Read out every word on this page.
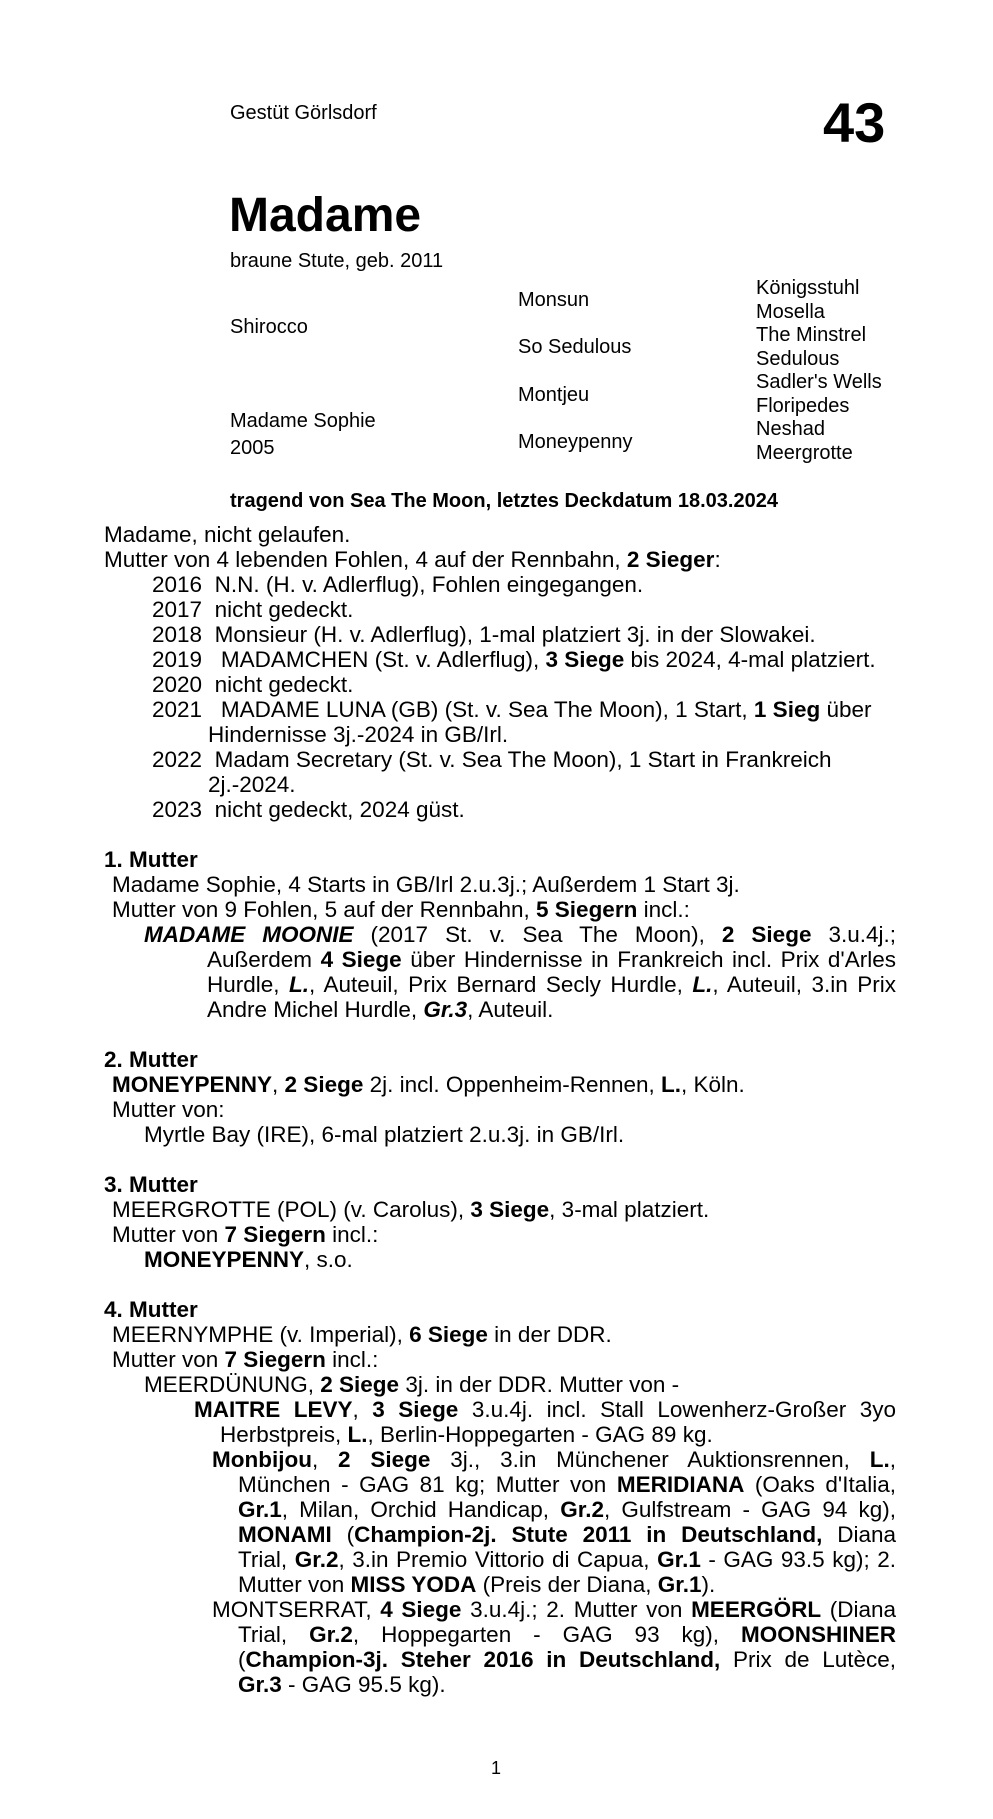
Gestüt Görlsdorf	43
Madame
braune Stute, geb. 2011
Shirocco
Madame Sophie
2005
Monsun
So Sedulous
Montjeu
Moneypenny
Königsstuhl
Mosella
The Minstrel
Sedulous
Sadler's Wells
Floripedes
Neshad
Meergrotte
tragend von Sea The Moon, letztes Deckdatum 18.03.2024

Madame, nicht gelaufen.

Mutter von 4 lebenden Fohlen, 4 auf der Rennbahn, 2 Sieger:

2016 N.N. (H. v. Adlerflug), Fohlen eingegangen.

2017 nicht gedeckt.

2018 Monsieur (H. v. Adlerflug), 1-mal platziert 3j. in der Slowakei.

2019 MADAMCHEN (St. v. Adlerflug), 3 Siege bis 2024, 4-mal platziert.

2020 nicht gedeckt.

2021 MADAME LUNA (GB) (St. v. Sea The Moon), 1 Start, 1 Sieg über Hindernisse 3j.-2024 in GB/Irl.

2022 Madam Secretary (St. v. Sea The Moon), 1 Start in Frankreich 2j.-2024.

2023 nicht gedeckt, 2024 güst.

1. Mutter

Madame Sophie, 4 Starts in GB/Irl 2.u.3j.; Außerdem 1 Start 3j.

Mutter von 9 Fohlen, 5 auf der Rennbahn, 5 Siegern incl.:

MADAME MOONIE (2017 St. v. Sea The Moon), 2 Siege 3.u.4j.; Außerdem 4 Siege über Hindernisse in Frankreich incl. Prix d'Arles Hurdle, L., Auteuil, Prix Bernard Secly Hurdle, L., Auteuil, 3.in Prix Andre Michel Hurdle, Gr.3, Auteuil.

2. Mutter

MONEYPENNY, 2 Siege 2j. incl. Oppenheim-Rennen, L., Köln.

Mutter von:

Myrtle Bay (IRE), 6-mal platziert 2.u.3j. in GB/Irl.

3. Mutter

MEERGROTTE (POL) (v. Carolus), 3 Siege, 3-mal platziert.

Mutter von 7 Siegern incl.:

MONEYPENNY, s.o.

4. Mutter

MEERNYMPHE (v. Imperial), 6 Siege in der DDR.

Mutter von 7 Siegern incl.:

MEERDÜNUNG, 2 Siege 3j. in der DDR. Mutter von -

MAITRE LEVY, 3 Siege 3.u.4j. incl. Stall Lowenherz-Großer 3yo Herbstpreis, L., Berlin-Hoppegarten - GAG 89 kg.

Monbijou, 2 Siege 3j., 3.in Münchener Auktionsrennen, L., München - GAG 81 kg; Mutter von MERIDIANA (Oaks d'Italia, Gr.1, Milan, Orchid Handicap, Gr.2, Gulfstream - GAG 94 kg), MONAMI (Champion-2j. Stute 2011 in Deutschland, Diana Trial, Gr.2, 3.in Premio Vittorio di Capua, Gr.1 - GAG 93.5 kg); 2. Mutter von MISS YODA (Preis der Diana, Gr.1).

MONTSERRAT, 4 Siege 3.u.4j.; 2. Mutter von MEERGÖRL (Diana Trial, Gr.2, Hoppegarten - GAG 93 kg), MOONSHINER (Champion-3j. Steher 2016 in Deutschland, Prix de Lutèce, Gr.3 - GAG 95.5 kg).

1
